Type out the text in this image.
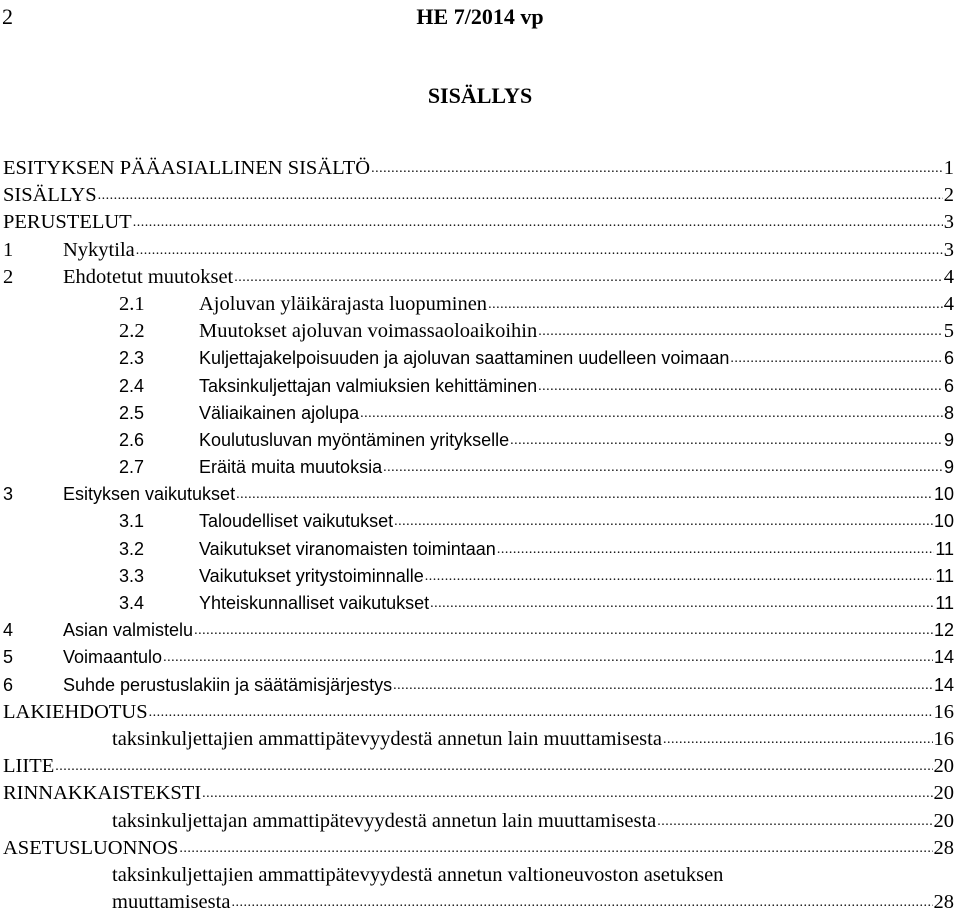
2	HE 7/2014 vp
SISÄLLYS
ESITYKSEN PÄÄASIALLINEN SISÄLTÖ .....	1
SISÄLLYS .....	2
PERUSTELUT .....	3
1	Nykytila .....	3
2	Ehdotetut muutokset .....	4
2.1	Ajoluvan yläikärajasta luopuminen .....	4
2.2	Muutokset ajoluvan voimassaoloaikoihin .....	5
2.3	Kuljettajakelpoisuuden ja ajoluvan saattaminen uudelleen voimaan .....	6
2.4	Taksinkuljettajan valmiuksien kehittäminen .....	6
2.5	Väliaikainen ajolupa .....	8
2.6	Koulutusluvan myöntäminen yritykselle .....	9
2.7	Eräitä muita muutoksia .....	9
3	Esityksen vaikutukset .....	10
3.1	Taloudelliset vaikutukset .....	10
3.2	Vaikutukset viranomaisten toimintaan .....	11
3.3	Vaikutukset yritystoiminnalle .....	11
3.4	Yhteiskunnalliset vaikutukset .....	11
4	Asian valmistelu .....	12
5	Voimaantulo .....	14
6	Suhde perustuslakiin ja säätämisjärjestys .....	14
LAKIEHDOTUS .....	16
taksinkuljettajien ammattipätevyydestä annetun lain muuttamisesta .....	16
LIITE .....	20
RINNAKKAISTEKSTI .....	20
taksinkuljettajan ammattipätevyydestä annetun lain muuttamisesta .....	20
ASETUSLUONNOS .....	28
taksinkuljettajien ammattipätevyydestä annetun valtioneuvoston asetuksen
muuttamisesta .....	28
